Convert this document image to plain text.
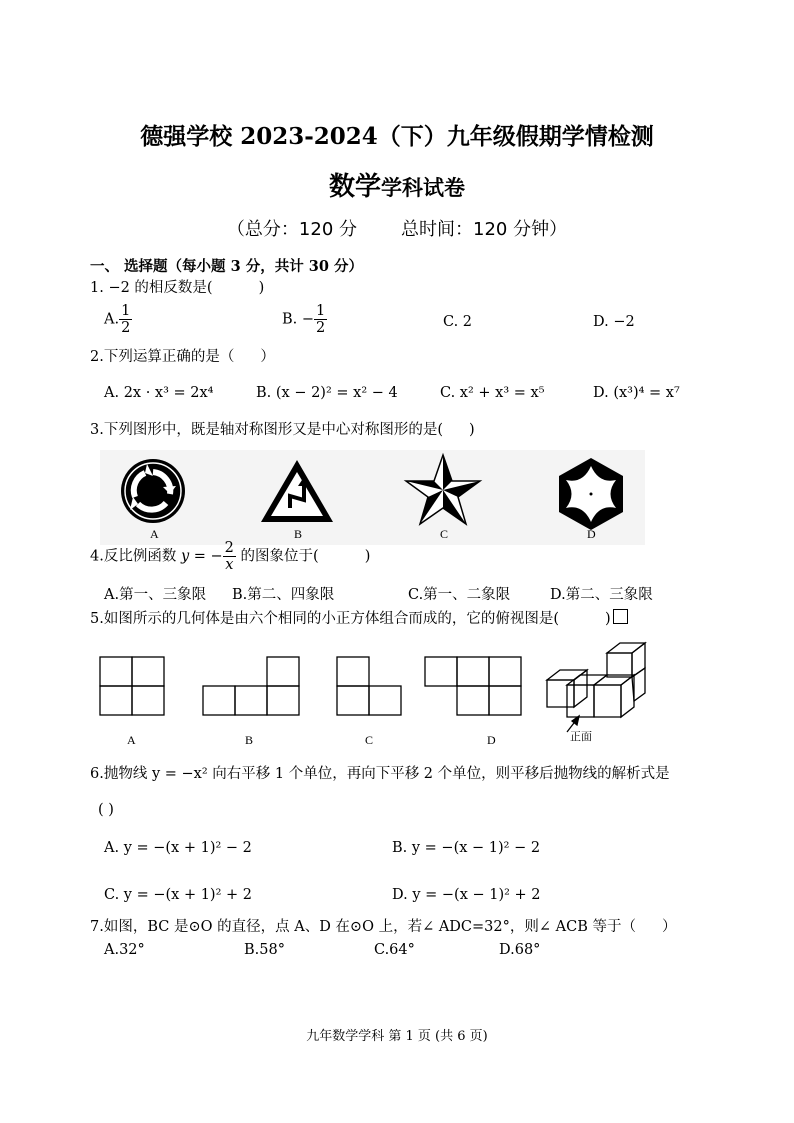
德强学校 2023-2024（下）九年级假期学情检测
数学学科试卷
（总分：120 分 总时间：120 分钟）
一、 选择题（每小题 3 分，共计 30 分）
1. −2 的相反数是(	)
A. $\frac{1}{2}$	B. − $\frac{1}{2}$	C. 2	D. −2
2.下列运算正确的是（ ）
A. 2x · x³ = 2x⁴	B. (x − 2)² = x² − 4	C. x² + x³ = x⁵	D. (x³)⁴ = x⁷
3.下列图形中，既是轴对称图形又是中心对称图形的是( )
A	B	C	D
4.反比例函数 y = − $\frac{2}{x}$ 的图象位于(	)
A.第一、三象限 B.第二、四象限	C.第一、二象限	D.第二、三象限
5.如图所示的几何体是由六个相同的小正方体组合而成的，它的俯视图是(	)
A	B	C	D	正面
6.抛物线 y = −x² 向右平移 1 个单位，再向下平移 2 个单位，则平移后抛物线的解析式是
( )
A. y = −(x + 1)² − 2	B. y = −(x − 1)² − 2
C. y = −(x + 1)² + 2	D. y = −(x − 1)² + 2
7.如图，BC 是⊙O 的直径，点 A、D 在⊙O 上，若∠ ADC=32°，则∠ ACB 等于（ ）
A.32°	B.58°	C.64°	D.68°
九年数学学科 第 1 页 (共 6 页)
